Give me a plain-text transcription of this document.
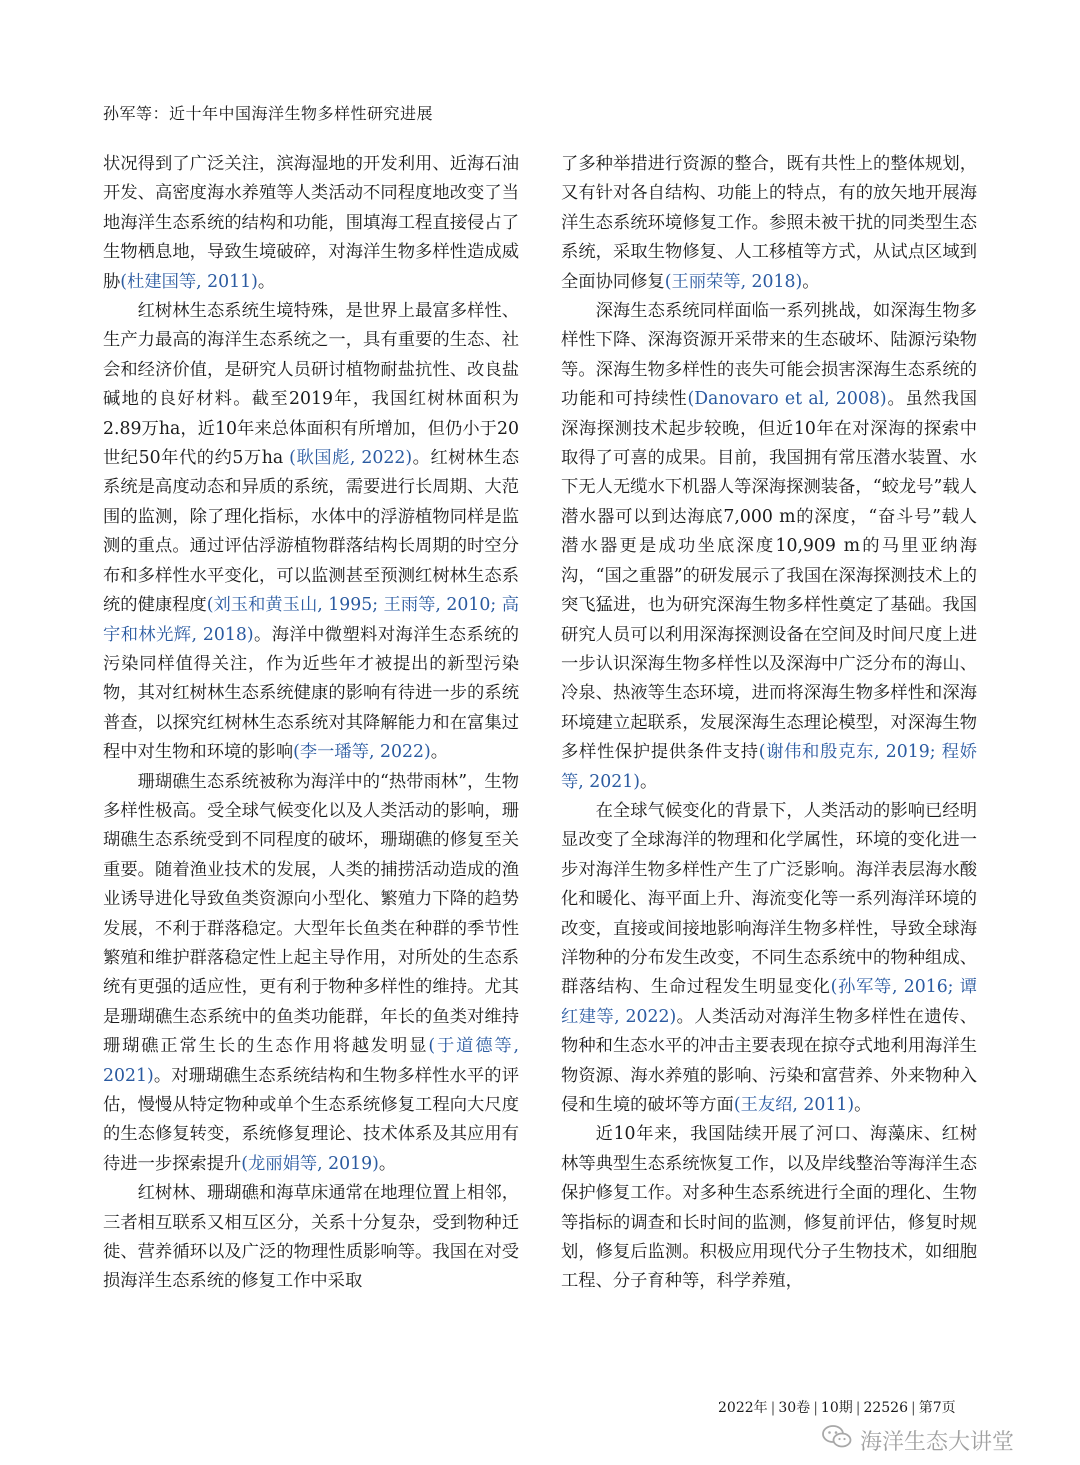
孙军等：近十年中国海洋生物多样性研究进展

状况得到了广泛关注，滨海湿地的开发利用、近海石油开发、高密度海水养殖等人类活动不同程度地改变了当地海洋生态系统的结构和功能，围填海工程直接侵占了生物栖息地，导致生境破碎，对海洋生物多样性造成威胁(杜建国等, 2011)。

红树林生态系统生境特殊，是世界上最富多样性、生产力最高的海洋生态系统之一，具有重要的生态、社会和经济价值，是研究人员研讨植物耐盐抗性、改良盐碱地的良好材料。截至2019年，我国红树林面积为2.89万ha，近10年来总体面积有所增加，但仍小于20世纪50年代的约5万ha (耿国彪, 2022)。红树林生态系统是高度动态和异质的系统，需要进行长周期、大范围的监测，除了理化指标，水体中的浮游植物同样是监测的重点。通过评估浮游植物群落结构长周期的时空分布和多样性水平变化，可以监测甚至预测红树林生态系统的健康程度(刘玉和黄玉山, 1995; 王雨等, 2010; 高宇和林光辉, 2018)。海洋中微塑料对海洋生态系统的污染同样值得关注，作为近些年才被提出的新型污染物，其对红树林生态系统健康的影响有待进一步的系统普查，以探究红树林生态系统对其降解能力和在富集过程中对生物和环境的影响(李一璠等, 2022)。

珊瑚礁生态系统被称为海洋中的“热带雨林”，生物多样性极高。受全球气候变化以及人类活动的影响，珊瑚礁生态系统受到不同程度的破坏，珊瑚礁的修复至关重要。随着渔业技术的发展，人类的捕捞活动造成的渔业诱导进化导致鱼类资源向小型化、繁殖力下降的趋势发展，不利于群落稳定。大型年长鱼类在种群的季节性繁殖和维护群落稳定性上起主导作用，对所处的生态系统有更强的适应性，更有利于物种多样性的维持。尤其是珊瑚礁生态系统中的鱼类功能群，年长的鱼类对维持珊瑚礁正常生长的生态作用将越发明显(于道德等, 2021)。对珊瑚礁生态系统结构和生物多样性水平的评估，慢慢从特定物种或单个生态系统修复工程向大尺度的生态修复转变，系统修复理论、技术体系及其应用有待进一步探索提升(龙丽娟等, 2019)。

红树林、珊瑚礁和海草床通常在地理位置上相邻，三者相互联系又相互区分，关系十分复杂，受到物种迁徙、营养循环以及广泛的物理性质影响等。我国在对受损海洋生态系统的修复工作中采取

了多种举措进行资源的整合，既有共性上的整体规划，又有针对各自结构、功能上的特点，有的放矢地开展海洋生态系统环境修复工作。参照未被干扰的同类型生态系统，采取生物修复、人工移植等方式，从试点区域到全面协同修复(王丽荣等, 2018)。

深海生态系统同样面临一系列挑战，如深海生物多样性下降、深海资源开采带来的生态破坏、陆源污染物等。深海生物多样性的丧失可能会损害深海生态系统的功能和可持续性(Danovaro et al, 2008)。虽然我国深海探测技术起步较晚，但近10年在对深海的探索中取得了可喜的成果。目前，我国拥有常压潜水装置、水下无人无缆水下机器人等深海探测装备，“蛟龙号”载人潜水器可以到达海底7,000 m的深度，“奋斗号”载人潜水器更是成功坐底深度10,909 m的马里亚纳海沟，“国之重器”的研发展示了我国在深海探测技术上的突飞猛进，也为研究深海生物多样性奠定了基础。我国研究人员可以利用深海探测设备在空间及时间尺度上进一步认识深海生物多样性以及深海中广泛分布的海山、冷泉、热液等生态环境，进而将深海生物多样性和深海环境建立起联系，发展深海生态理论模型，对深海生物多样性保护提供条件支持(谢伟和殷克东, 2019; 程娇等, 2021)。

在全球气候变化的背景下，人类活动的影响已经明显改变了全球海洋的物理和化学属性，环境的变化进一步对海洋生物多样性产生了广泛影响。海洋表层海水酸化和暖化、海平面上升、海流变化等一系列海洋环境的改变，直接或间接地影响海洋生物多样性，导致全球海洋物种的分布发生改变，不同生态系统中的物种组成、群落结构、生命过程发生明显变化(孙军等, 2016; 谭红建等, 2022)。人类活动对海洋生物多样性在遗传、物种和生态水平的冲击主要表现在掠夺式地利用海洋生物资源、海水养殖的影响、污染和富营养、外来物种入侵和生境的破坏等方面(王友绍, 2011)。

近10年来，我国陆续开展了河口、海藻床、红树林等典型生态系统恢复工作，以及岸线整治等海洋生态保护修复工作。对多种生态系统进行全面的理化、生物等指标的调查和长时间的监测，修复前评估，修复时规划，修复后监测。积极应用现代分子生物技术，如细胞工程、分子育种等，科学养殖，

2022年 | 30卷 | 10期 | 22526 | 第7页
海洋生态大讲堂
